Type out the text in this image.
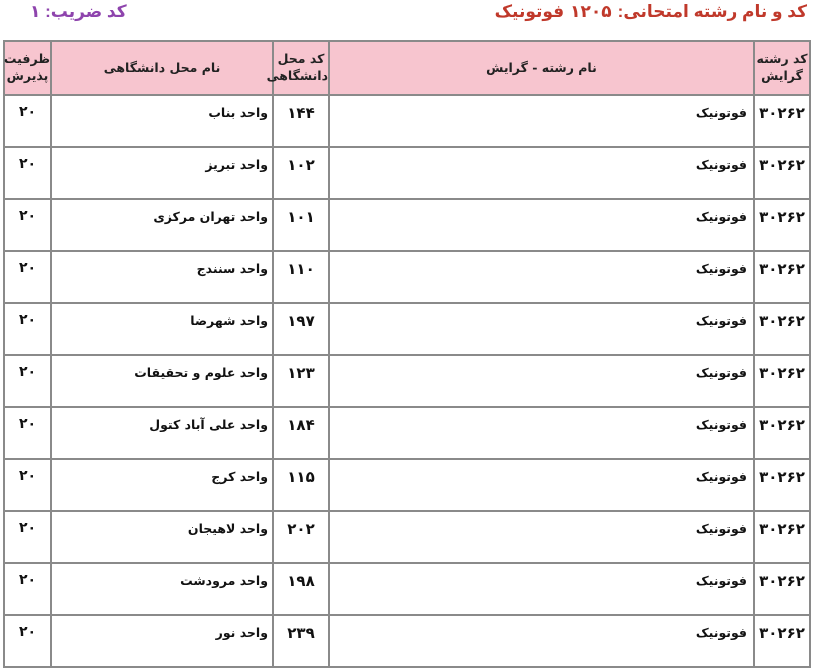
کد و نام رشته امتحانی:۱۲۰۵فوتونیک
کد ضریب: ۱
کد رشته گرایش	نام رشته - گرایش	کد محل دانشگاهی	نام محل دانشگاهی	ظرفیت پذیرش
۳۰۲۶۲	فوتونیک	۱۴۴	واحد بناب	۲۰
۳۰۲۶۲	فوتونیک	۱۰۲	واحد تبریز	۲۰
۳۰۲۶۲	فوتونیک	۱۰۱	واحد تهران مرکزی	۲۰
۳۰۲۶۲	فوتونیک	۱۱۰	واحد سنندج	۲۰
۳۰۲۶۲	فوتونیک	۱۹۷	واحد شهرضا	۲۰
۳۰۲۶۲	فوتونیک	۱۲۳	واحد علوم و تحقیقات	۲۰
۳۰۲۶۲	فوتونیک	۱۸۴	واحد علی آباد کتول	۲۰
۳۰۲۶۲	فوتونیک	۱۱۵	واحد کرج	۲۰
۳۰۲۶۲	فوتونیک	۲۰۲	واحد لاهیجان	۲۰
۳۰۲۶۲	فوتونیک	۱۹۸	واحد مرودشت	۲۰
۳۰۲۶۲	فوتونیک	۲۳۹	واحد نور	۲۰
